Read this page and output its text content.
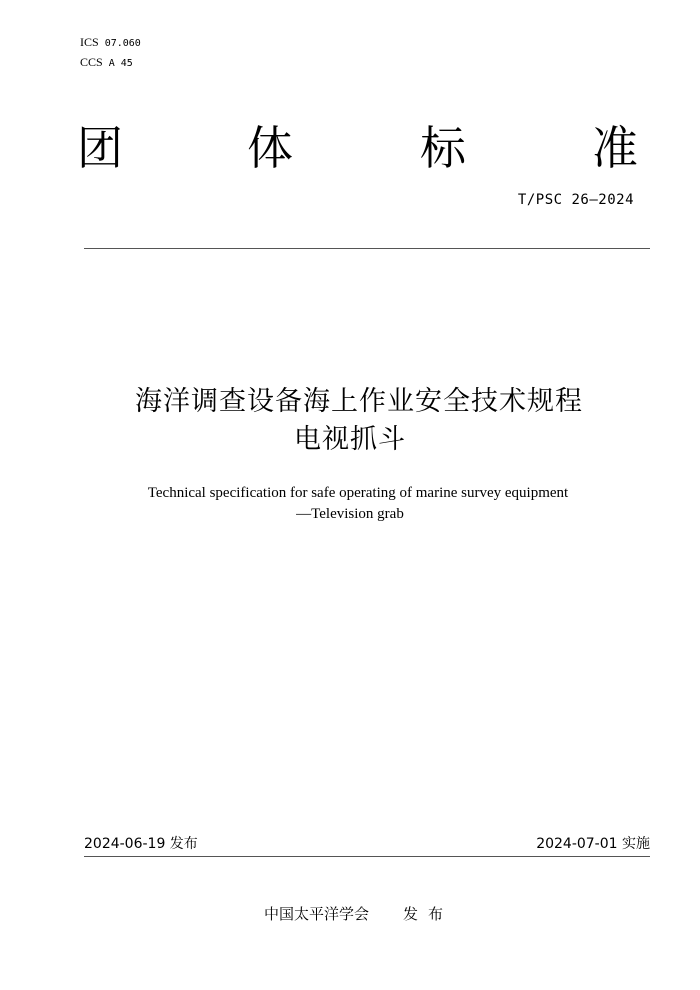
ICS 07.060
CCS A 45
团	体	标	准
T/PSC 26—2024
海洋调查设备海上作业安全技术规程
电视抓斗
Technical specification for safe operating of marine survey equipment
—Television grab
2024-06-19 发布	2024-07-01 实施
中国太平洋学会 发布
